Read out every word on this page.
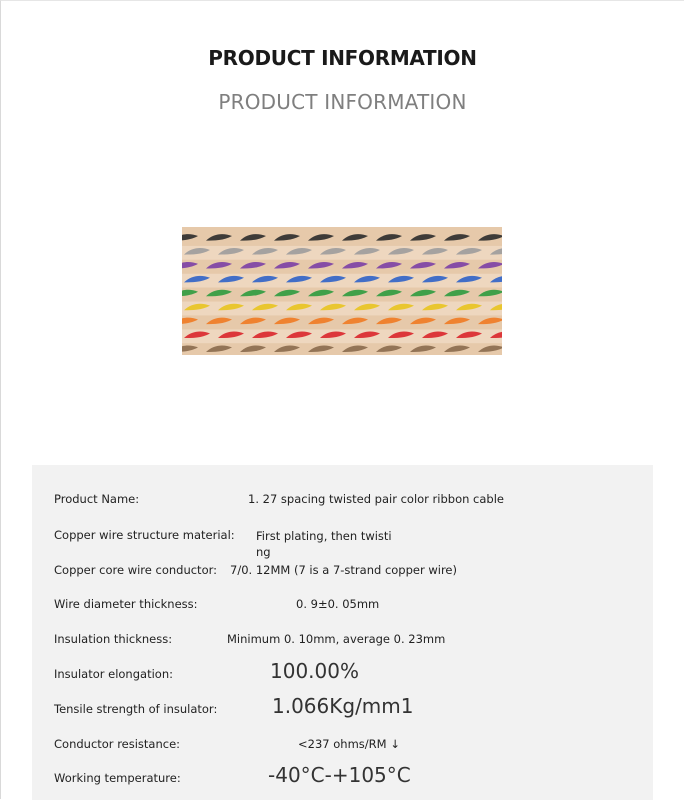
PRODUCT INFORMATION
PRODUCT INFORMATION
Product Name:	1. 27 spacing twisted pair color ribbon cable
Copper wire structure material: First plating, then twisti ng
Copper core wire conductor: 7/0. 12MM (7 is a 7-strand copper wire)
Wire diameter thickness:	0. 9±0. 05mm
Insulation thickness:	Minimum 0. 10mm, average 0. 23mm
Insulator elongation:	100.00%
Tensile strength of insulator:	1.066Kg/mm1
Conductor resistance:	<237 ohms/RM ↓
Working temperature:	-40°C-+105°C
